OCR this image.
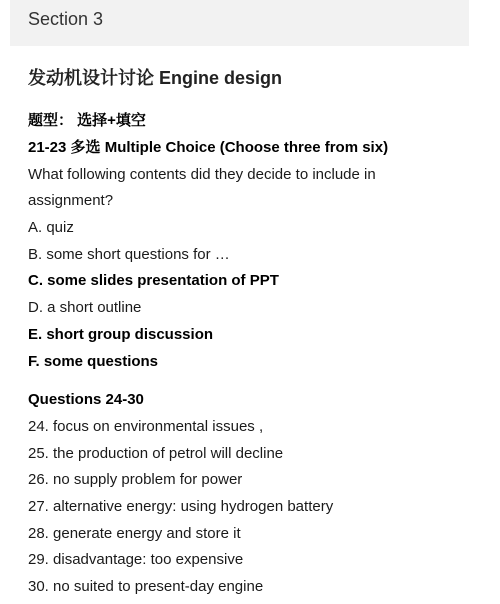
Section 3
发动机设计讨论 Engine design
题型： 选择+填空
21-23 多选 Multiple Choice (Choose three from six)
What following contents did they decide to include in
assignment?
A. quiz
B. some short questions for …
C. some slides presentation of PPT
D. a short outline
E. short group discussion
F. some questions
Questions 24-30
24. focus on environmental issues ,
25. the production of petrol will decline
26. no supply problem for power
27. alternative energy: using hydrogen battery
28. generate energy and store it
29. disadvantage: too expensive
30. no suited to present-day engine
